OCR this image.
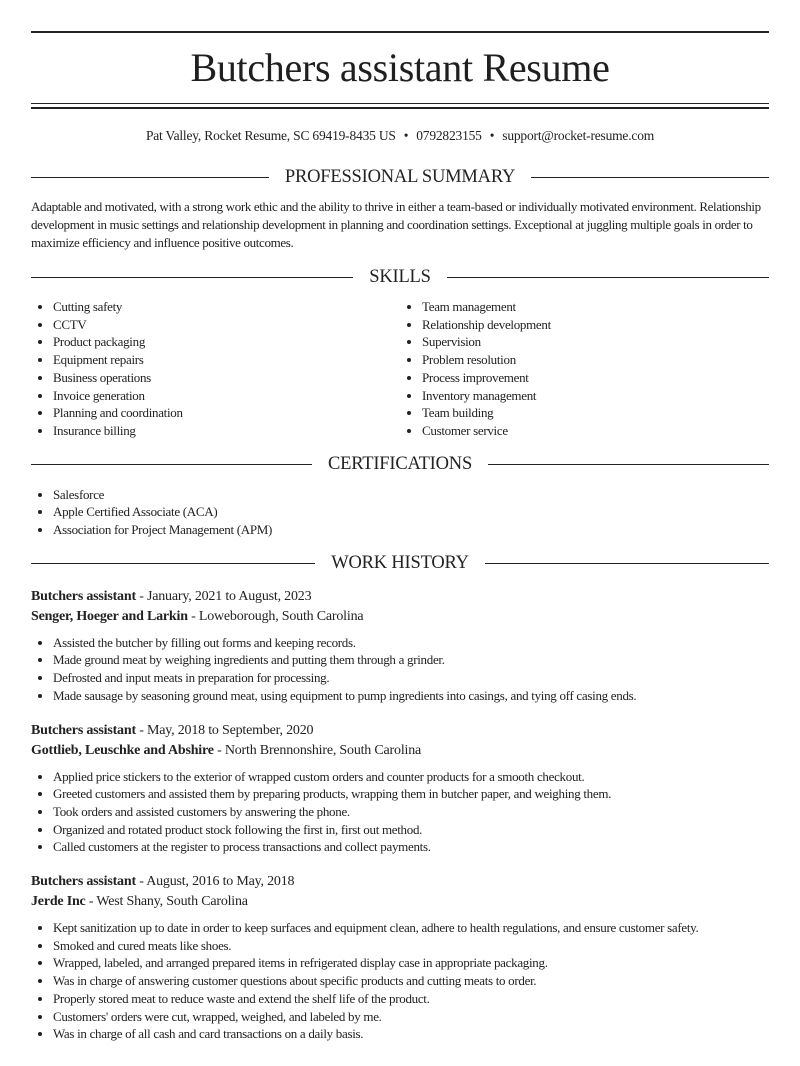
Butchers assistant Resume
Pat Valley, Rocket Resume, SC 69419-8435 US • 0792823155 • support@rocket-resume.com
PROFESSIONAL SUMMARY

Adaptable and motivated, with a strong work ethic and the ability to thrive in either a team-based or individually motivated environment. Relationship development in music settings and relationship development in planning and coordination settings. Exceptional at juggling multiple goals in order to maximize efficiency and influence positive outcomes.

SKILLS
• Cutting safety
• CCTV
• Product packaging
• Equipment repairs
• Business operations
• Invoice generation
• Planning and coordination
• Insurance billing
• Team management
• Relationship development
• Supervision
• Problem resolution
• Process improvement
• Inventory management
• Team building
• Customer service
CERTIFICATIONS
• Salesforce
• Apple Certified Associate (ACA)
• Association for Project Management (APM)
WORK HISTORY
Butchers assistant - January, 2021 to August, 2023
Senger, Hoeger and Larkin - Loweborough, South Carolina
• Assisted the butcher by filling out forms and keeping records.
• Made ground meat by weighing ingredients and putting them through a grinder.
• Defrosted and input meats in preparation for processing.
• Made sausage by seasoning ground meat, using equipment to pump ingredients into casings, and tying off casing ends.
Butchers assistant - May, 2018 to September, 2020
Gottlieb, Leuschke and Abshire - North Brennonshire, South Carolina
• Applied price stickers to the exterior of wrapped custom orders and counter products for a smooth checkout.
• Greeted customers and assisted them by preparing products, wrapping them in butcher paper, and weighing them.
• Took orders and assisted customers by answering the phone.
• Organized and rotated product stock following the first in, first out method.
• Called customers at the register to process transactions and collect payments.
Butchers assistant - August, 2016 to May, 2018
Jerde Inc - West Shany, South Carolina
• Kept sanitization up to date in order to keep surfaces and equipment clean, adhere to health regulations, and ensure customer safety.
• Smoked and cured meats like shoes.
• Wrapped, labeled, and arranged prepared items in refrigerated display case in appropriate packaging.
• Was in charge of answering customer questions about specific products and cutting meats to order.
• Properly stored meat to reduce waste and extend the shelf life of the product.
• Customers' orders were cut, wrapped, weighed, and labeled by me.
• Was in charge of all cash and card transactions on a daily basis.
